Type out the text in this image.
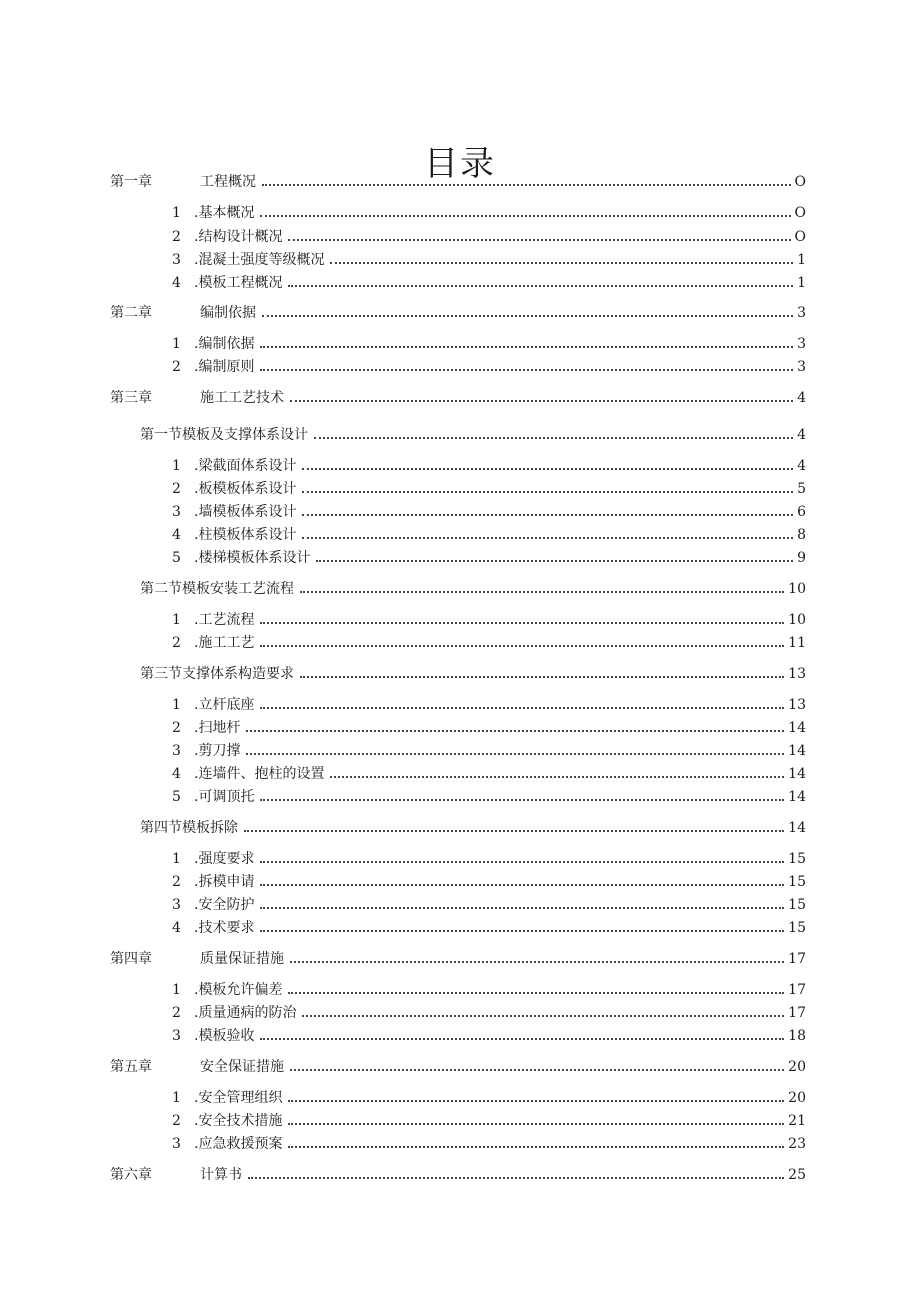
目录
第一章	工程概况	O
1 .基本概况	O
2 .结构设计概况	O
3 .混凝土强度等级概况	1
4 .模板工程概况	1
第二章	编制依据	3
1 .编制依据	3
2 .编制原则	3
第三章	施工工艺技术	4
第一节模板及支撑体系设计	4
1 .梁截面体系设计	4
2 .板模板体系设计	5
3 .墙模板体系设计	6
4 .柱模板体系设计	8
5 .楼梯模板体系设计	9
第二节模板安装工艺流程	10
1 .工艺流程	10
2 .施工工艺	11
第三节支撑体系构造要求	13
1 .立杆底座	13
2 .扫地杆	14
3 .剪刀撑	14
4 .连墙件、抱柱的设置	14
5 .可调顶托	14
第四节模板拆除	14
1 .强度要求	15
2 .拆模申请	15
3 .安全防护	15
4 .技术要求	15
第四章	质量保证措施	17
1 .模板允许偏差	17
2 .质量通病的防治	17
3 .模板验收	18
第五章	安全保证措施	20
1 .安全管理组织	20
2 .安全技术措施	21
3 .应急救援预案	23
第六章	计算书	25
